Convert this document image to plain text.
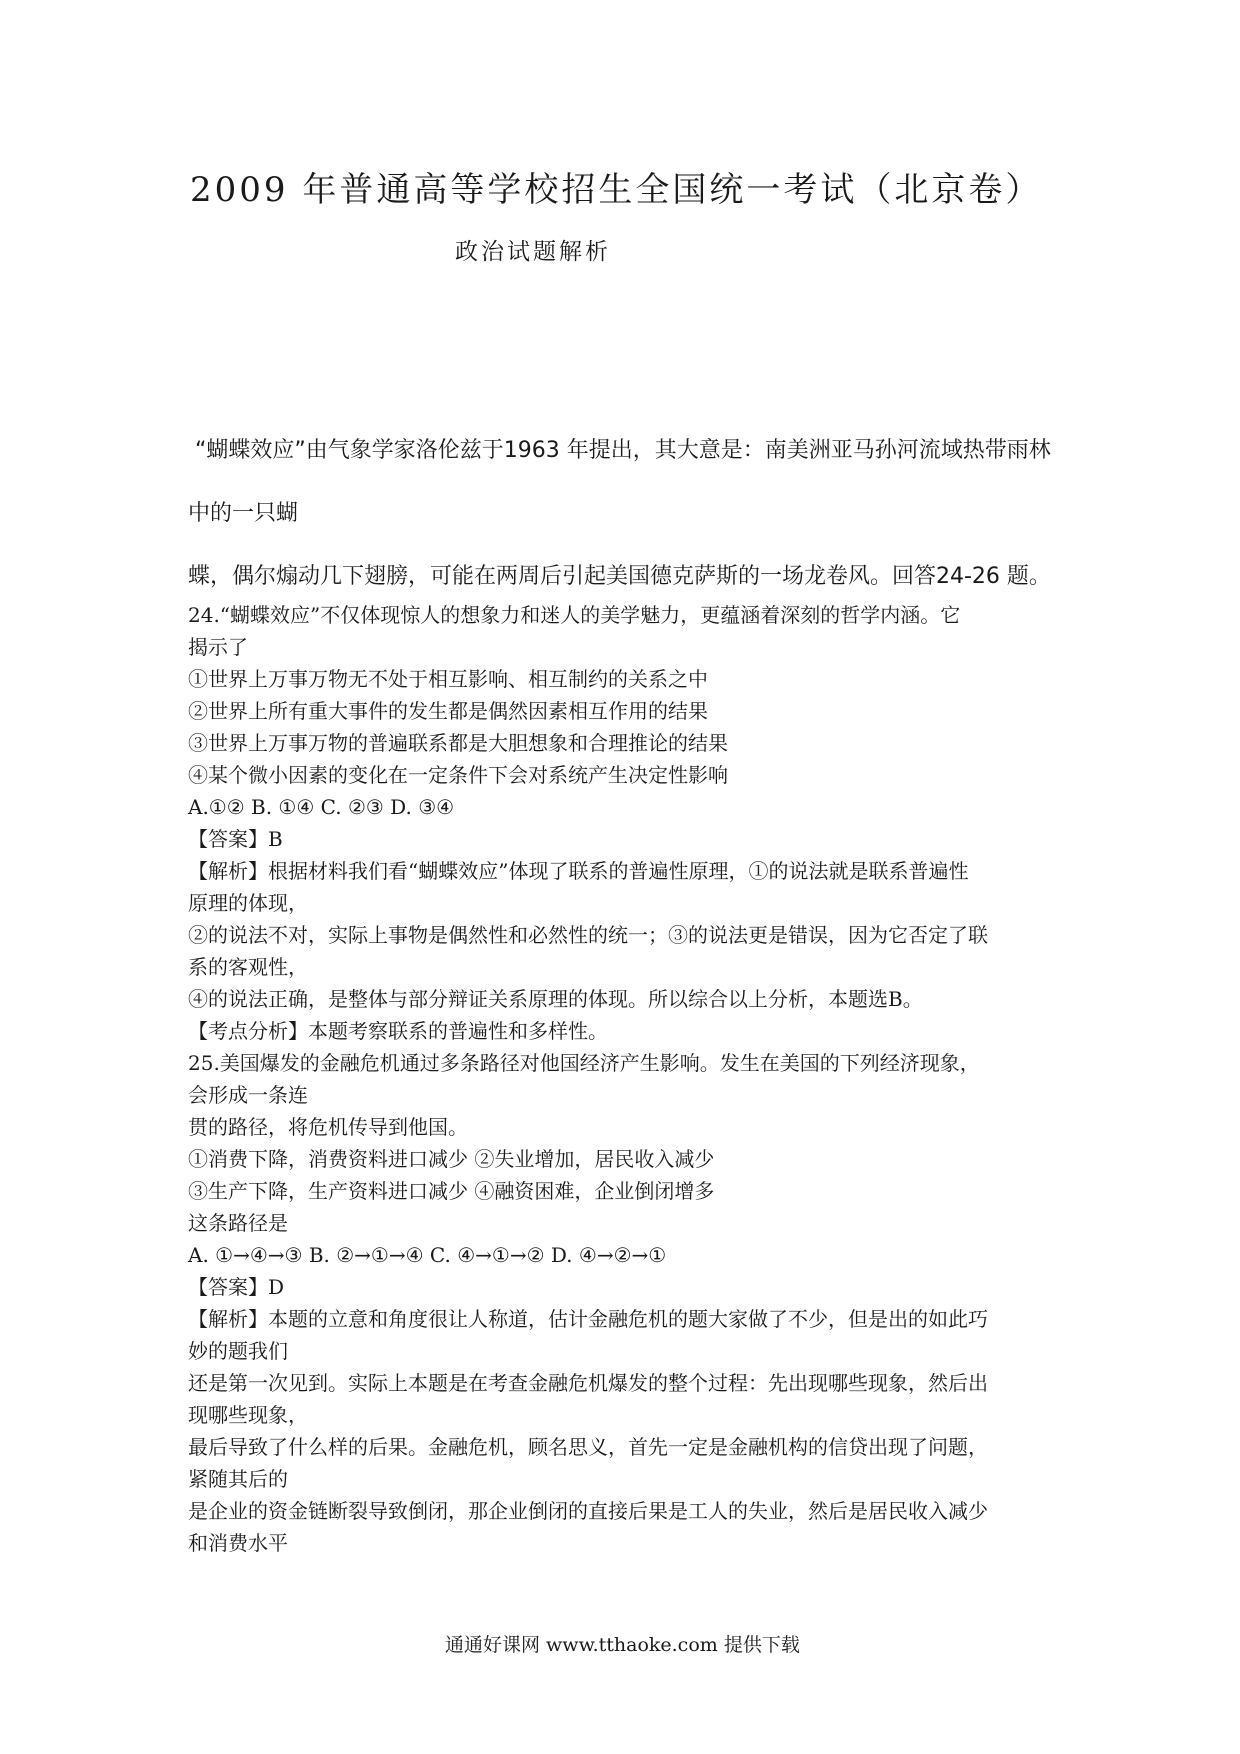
2009 年普通高等学校招生全国统一考试（北京卷）
政治试题解析
“蝴蝶效应”由气象学家洛伦兹于1963 年提出，其大意是：南美洲亚马孙河流域热带雨林
中的一只蝴
蝶，偶尔煽动几下翅膀，可能在两周后引起美国德克萨斯的一场龙卷风。回答24-26 题。
24.“蝴蝶效应”不仅体现惊人的想象力和迷人的美学魅力，更蕴涵着深刻的哲学内涵。它
揭示了
①世界上万事万物无不处于相互影响、相互制约的关系之中
②世界上所有重大事件的发生都是偶然因素相互作用的结果
③世界上万事万物的普遍联系都是大胆想象和合理推论的结果
④某个微小因素的变化在一定条件下会对系统产生决定性影响
A.①② B. ①④ C. ②③ D. ③④
【答案】B
【解析】根据材料我们看“蝴蝶效应”体现了联系的普遍性原理，①的说法就是联系普遍性
原理的体现，
②的说法不对，实际上事物是偶然性和必然性的统一；③的说法更是错误，因为它否定了联
系的客观性，
④的说法正确，是整体与部分辩证关系原理的体现。所以综合以上分析，本题选B。
【考点分析】本题考察联系的普遍性和多样性。
25.美国爆发的金融危机通过多条路径对他国经济产生影响。发生在美国的下列经济现象，
会形成一条连
贯的路径，将危机传导到他国。
①消费下降，消费资料进口减少 ②失业增加，居民收入减少
③生产下降，生产资料进口减少 ④融资困难，企业倒闭增多
这条路径是
A. ①→④→③ B. ②→①→④ C. ④→①→② D. ④→②→①
【答案】D
【解析】本题的立意和角度很让人称道，估计金融危机的题大家做了不少，但是出的如此巧
妙的题我们
还是第一次见到。实际上本题是在考查金融危机爆发的整个过程：先出现哪些现象，然后出
现哪些现象，
最后导致了什么样的后果。金融危机，顾名思义，首先一定是金融机构的信贷出现了问题，
紧随其后的
是企业的资金链断裂导致倒闭，那企业倒闭的直接后果是工人的失业，然后是居民收入减少
和消费水平
通通好课网 www.tthaoke.com 提供下载
